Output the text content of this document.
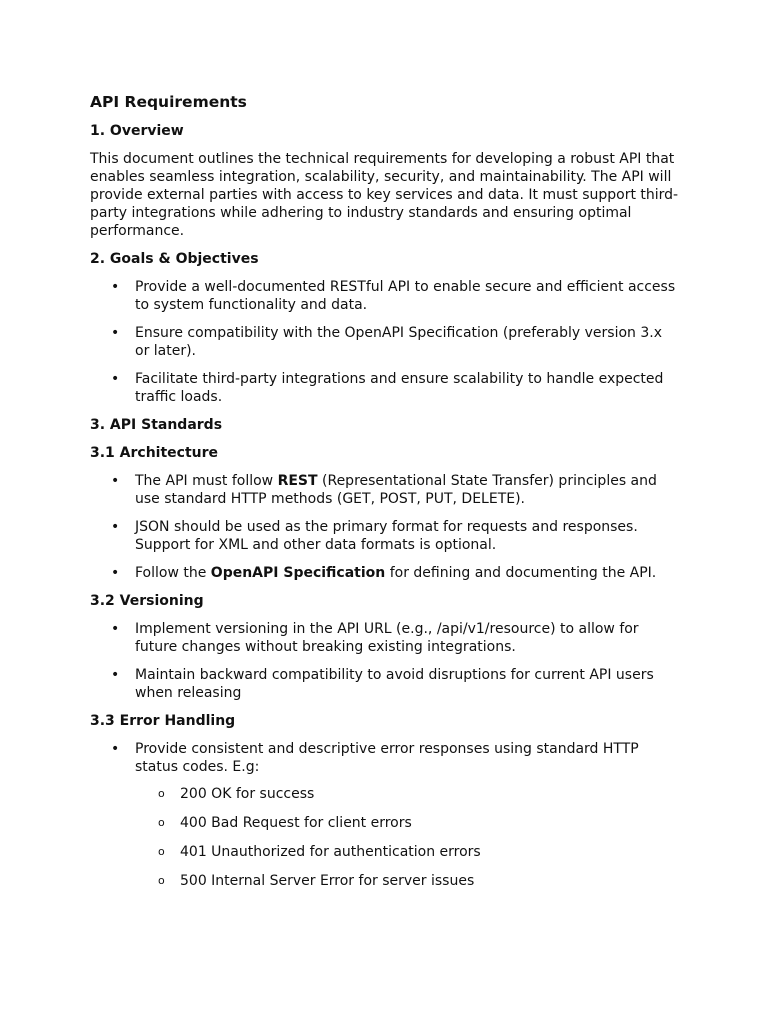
API Requirements
1. Overview

This document outlines the technical requirements for developing a robust API that enables seamless integration, scalability, security, and maintainability. The API will provide external parties with access to key services and data. It must support third-party integrations while adhering to industry standards and ensuring optimal performance.

2. Goals & Objectives
• Provide a well-documented RESTful API to enable secure and efficient access to system functionality and data.
• Ensure compatibility with the OpenAPI Specification (preferably version 3.x or later).
• Facilitate third-party integrations and ensure scalability to handle expected traffic loads.
3. API Standards
3.1 Architecture
• The API must follow REST (Representational State Transfer) principles and use standard HTTP methods (GET, POST, PUT, DELETE).
• JSON should be used as the primary format for requests and responses. Support for XML and other data formats is optional.
• Follow the OpenAPI Specification for defining and documenting the API.
3.2 Versioning
• Implement versioning in the API URL (e.g., /api/v1/resource) to allow for future changes without breaking existing integrations.
• Maintain backward compatibility to avoid disruptions for current API users when releasing
3.3 Error Handling
• Provide consistent and descriptive error responses using standard HTTP status codes. E.g:
o 200 OK for success
o 400 Bad Request for client errors
o 401 Unauthorized for authentication errors
o 500 Internal Server Error for server issues
